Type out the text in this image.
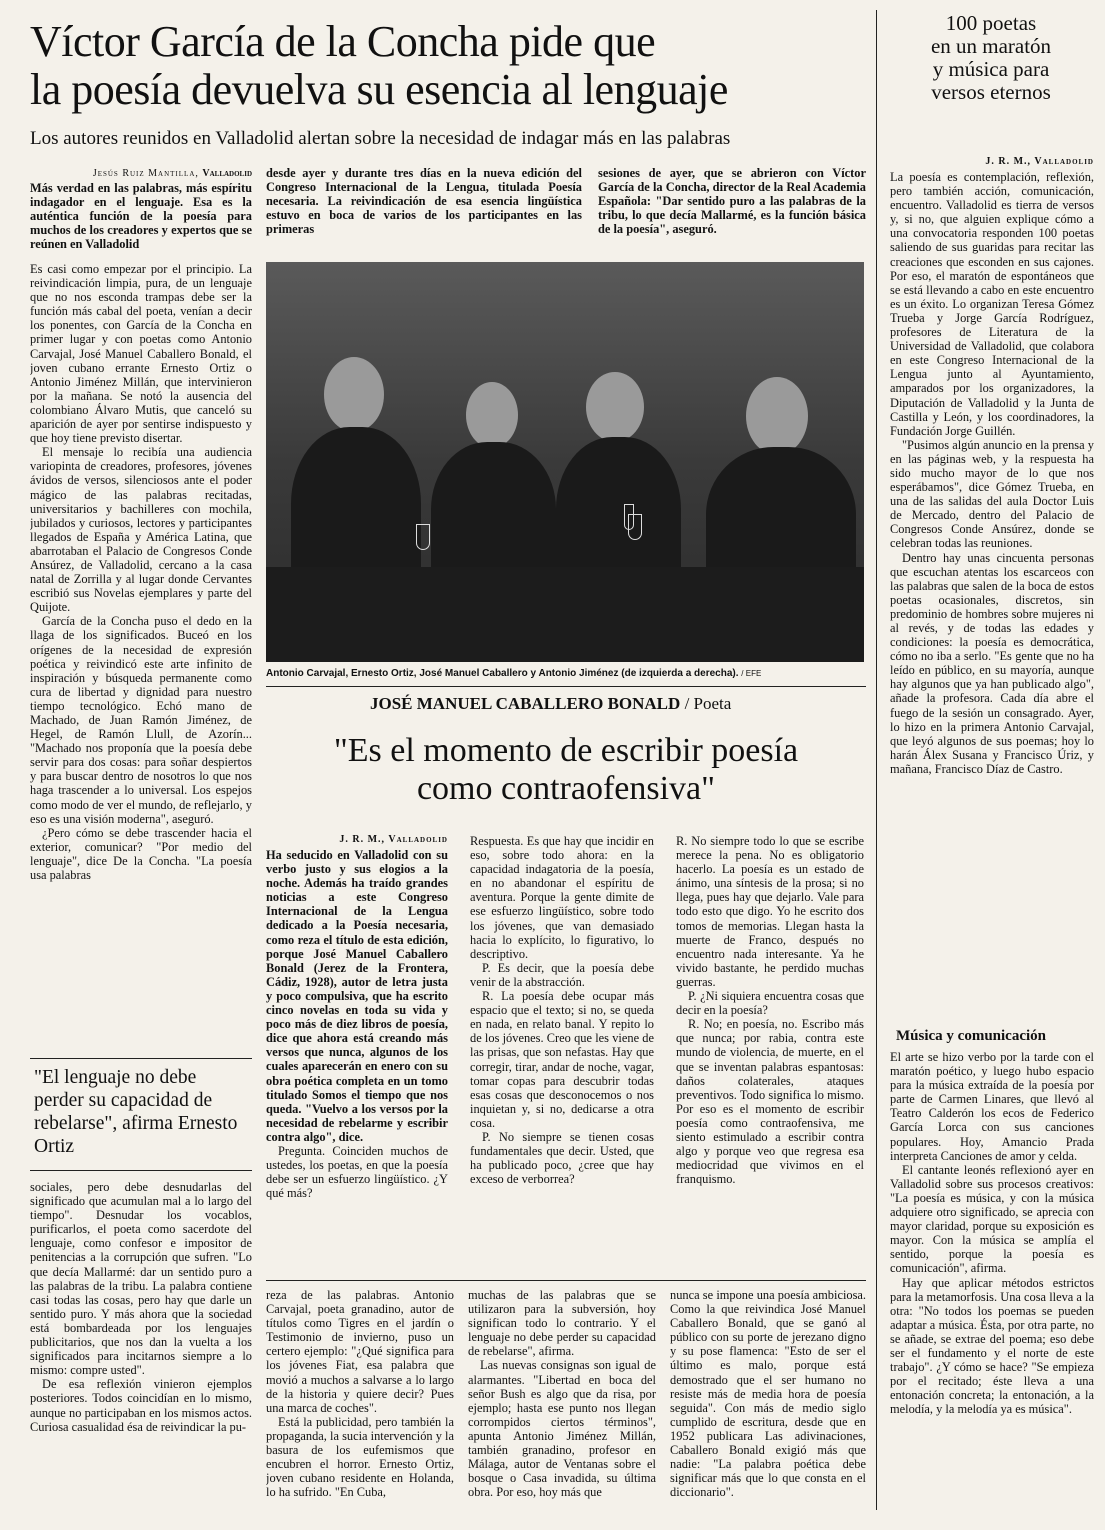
Víctor García de la Concha pide que
la poesía devuelva su esencia al lenguaje
Los autores reunidos en Valladolid alertan sobre la necesidad de indagar más en las palabras
Jesús Ruiz Mantilla, Valladolid

Más verdad en las palabras, más espíritu indagador en el lenguaje. Esa es la auténtica función de la poesía para muchos de los creadores y expertos que se reúnen en Valladolid

desde ayer y durante tres días en la nueva edición del Congreso Internacional de la Lengua, titulada Poesía necesaria. La reivindicación de esa esencia lingüística estuvo en boca de varios de los participantes en las primeras

sesiones de ayer, que se abrieron con Víctor García de la Concha, director de la Real Academia Española: "Dar sentido puro a las palabras de la tribu, lo que decía Mallarmé, es la función básica de la poesía", aseguró.

Es casi como empezar por el principio. La reivindicación limpia, pura, de un lenguaje que no nos esconda trampas debe ser la función más cabal del poeta, venían a decir los ponentes, con García de la Concha en primer lugar y con poetas como Antonio Carvajal, José Manuel Caballero Bonald, el joven cubano errante Ernesto Ortiz o Antonio Jiménez Millán, que intervinieron por la mañana. Se notó la ausencia del colombiano Álvaro Mutis, que canceló su aparición de ayer por sentirse indispuesto y que hoy tiene previsto disertar.

El mensaje lo recibía una audiencia variopinta de creadores, profesores, jóvenes ávidos de versos, silenciosos ante el poder mágico de las palabras recitadas, universitarios y bachilleres con mochila, jubilados y curiosos, lectores y participantes llegados de España y América Latina, que abarrotaban el Palacio de Congresos Conde Ansúrez, de Valladolid, cercano a la casa natal de Zorrilla y al lugar donde Cervantes escribió sus Novelas ejemplares y parte del Quijote.

García de la Concha puso el dedo en la llaga de los significados. Buceó en los orígenes de la necesidad de expresión poética y reivindicó este arte infinito de inspiración y búsqueda permanente como cura de libertad y dignidad para nuestro tiempo tecnológico. Echó mano de Machado, de Juan Ramón Jiménez, de Hegel, de Ramón Llull, de Azorín... "Machado nos proponía que la poesía debe servir para dos cosas: para soñar despiertos y para buscar dentro de nosotros lo que nos haga trascender a lo universal. Los espejos como modo de ver el mundo, de reflejarlo, y eso es una visión moderna", aseguró.

¿Pero cómo se debe trascender hacia el exterior, comunicar? "Por medio del lenguaje", dice De la Concha. "La poesía usa palabras

"El lenguaje no debe perder su capacidad de rebelarse", afirma Ernesto Ortiz

sociales, pero debe desnudarlas del significado que acumulan mal a lo largo del tiempo". Desnudar los vocablos, purificarlos, el poeta como sacerdote del lenguaje, como confesor e impositor de penitencias a la corrupción que sufren. "Lo que decía Mallarmé: dar un sentido puro a las palabras de la tribu. La palabra contiene casi todas las cosas, pero hay que darle un sentido puro. Y más ahora que la sociedad está bombardeada por los lenguajes publicitarios, que nos dan la vuelta a los significados para incitarnos siempre a lo mismo: compre usted".

De esa reflexión vinieron ejemplos posteriores. Todos coincidían en lo mismo, aunque no participaban en los mismos actos. Curiosa casualidad ésa de reivindicar la pu-

Antonio Carvajal, Ernesto Ortiz, José Manuel Caballero y Antonio Jiménez (de izquierda a derecha). / EFE
JOSÉ MANUEL CABALLERO BONALD / Poeta
"Es el momento de escribir poesía
como contraofensiva"
J. R. M., Valladolid

Ha seducido en Valladolid con su verbo justo y sus elogios a la noche. Además ha traído grandes noticias a este Congreso Internacional de la Lengua dedicado a la Poesía necesaria, como reza el título de esta edición, porque José Manuel Caballero Bonald (Jerez de la Frontera, Cádiz, 1928), autor de letra justa y poco compulsiva, que ha escrito cinco novelas en toda su vida y poco más de diez libros de poesía, dice que ahora está creando más versos que nunca, algunos de los cuales aparecerán en enero con su obra poética completa en un tomo titulado Somos el tiempo que nos queda. "Vuelvo a los versos por la necesidad de rebelarme y escribir contra algo", dice.

Pregunta. Coinciden muchos de ustedes, los poetas, en que la poesía debe ser un esfuerzo lingüístico. ¿Y qué más?

Respuesta. Es que hay que incidir en eso, sobre todo ahora: en la capacidad indagatoria de la poesía, en no abandonar el espíritu de aventura. Porque la gente dimite de ese esfuerzo lingüístico, sobre todo los jóvenes, que van demasiado hacia lo explícito, lo figurativo, lo descriptivo.

P. Es decir, que la poesía debe venir de la abstracción.

R. La poesía debe ocupar más espacio que el texto; si no, se queda en nada, en relato banal. Y repito lo de los jóvenes. Creo que les viene de las prisas, que son nefastas. Hay que corregir, tirar, andar de noche, vagar, tomar copas para descubrir todas esas cosas que desconocemos o nos inquietan y, si no, dedicarse a otra cosa.

P. No siempre se tienen cosas fundamentales que decir. Usted, que ha publicado poco, ¿cree que hay exceso de verborrea?

R. No siempre todo lo que se escribe merece la pena. No es obligatorio hacerlo. La poesía es un estado de ánimo, una síntesis de la prosa; si no llega, pues hay que dejarlo. Vale para todo esto que digo. Yo he escrito dos tomos de memorias. Llegan hasta la muerte de Franco, después no encuentro nada interesante. Ya he vivido bastante, he perdido muchas guerras.

P. ¿Ni siquiera encuentra cosas que decir en la poesía?

R. No; en poesía, no. Escribo más que nunca; por rabia, contra este mundo de violencia, de muerte, en el que se inventan palabras espantosas: daños colaterales, ataques preventivos. Todo significa lo mismo. Por eso es el momento de escribir poesía como contraofensiva, me siento estimulado a escribir contra algo y porque veo que regresa esa mediocridad que vivimos en el franquismo.

reza de las palabras. Antonio Carvajal, poeta granadino, autor de títulos como Tigres en el jardín o Testimonio de invierno, puso un certero ejemplo: "¿Qué significa para los jóvenes Fiat, esa palabra que movió a muchos a salvarse a lo largo de la historia y quiere decir? Pues una marca de coches".

Está la publicidad, pero también la propaganda, la sucia intervención y la basura de los eufemismos que encubren el horror. Ernesto Ortiz, joven cubano residente en Holanda, lo ha sufrido. "En Cuba,

muchas de las palabras que se utilizaron para la subversión, hoy significan todo lo contrario. Y el lenguaje no debe perder su capacidad de rebelarse", afirma.

Las nuevas consignas son igual de alarmantes. "Libertad en boca del señor Bush es algo que da risa, por ejemplo; hasta ese punto nos llegan corrompidos ciertos términos", apunta Antonio Jiménez Millán, también granadino, profesor en Málaga, autor de Ventanas sobre el bosque o Casa invadida, su última obra. Por eso, hoy más que

nunca se impone una poesía ambiciosa. Como la que reivindica José Manuel Caballero Bonald, que se ganó al público con su porte de jerezano digno y su pose flamenca: "Esto de ser el último es malo, porque está demostrado que el ser humano no resiste más de media hora de poesía seguida". Con más de medio siglo cumplido de escritura, desde que en 1952 publicara Las adivinaciones, Caballero Bonald exigió más que nadie: "La palabra poética debe significar más que lo que consta en el diccionario".

100 poetas
en un maratón
y música para
versos eternos
J. R. M., Valladolid

La poesía es contemplación, reflexión, pero también acción, comunicación, encuentro. Valladolid es tierra de versos y, si no, que alguien explique cómo a una convocatoria responden 100 poetas saliendo de sus guaridas para recitar las creaciones que esconden en sus cajones. Por eso, el maratón de espontáneos que se está llevando a cabo en este encuentro es un éxito. Lo organizan Teresa Gómez Trueba y Jorge García Rodríguez, profesores de Literatura de la Universidad de Valladolid, que colabora en este Congreso Internacional de la Lengua junto al Ayuntamiento, amparados por los organizadores, la Diputación de Valladolid y la Junta de Castilla y León, y los coordinadores, la Fundación Jorge Guillén.

"Pusimos algún anuncio en la prensa y en las páginas web, y la respuesta ha sido mucho mayor de lo que nos esperábamos", dice Gómez Trueba, en una de las salidas del aula Doctor Luis de Mercado, dentro del Palacio de Congresos Conde Ansúrez, donde se celebran todas las reuniones.

Dentro hay unas cincuenta personas que escuchan atentas los escarceos con las palabras que salen de la boca de estos poetas ocasionales, discretos, sin predominio de hombres sobre mujeres ni al revés, y de todas las edades y condiciones: la poesía es democrática, cómo no iba a serlo. "Es gente que no ha leído en público, en su mayoría, aunque hay algunos que ya han publicado algo", añade la profesora. Cada día abre el fuego de la sesión un consagrado. Ayer, lo hizo en la primera Antonio Carvajal, que leyó algunos de sus poemas; hoy lo harán Álex Susana y Francisco Úriz, y mañana, Francisco Díaz de Castro.

Música y comunicación

El arte se hizo verbo por la tarde con el maratón poético, y luego hubo espacio para la música extraída de la poesía por parte de Carmen Linares, que llevó al Teatro Calderón los ecos de Federico García Lorca con sus canciones populares. Hoy, Amancio Prada interpreta Canciones de amor y celda.

El cantante leonés reflexionó ayer en Valladolid sobre sus procesos creativos: "La poesía es música, y con la música adquiere otro significado, se aprecia con mayor claridad, porque su exposición es mayor. Con la música se amplía el sentido, porque la poesía es comunicación", afirma.

Hay que aplicar métodos estrictos para la metamorfosis. Una cosa lleva a la otra: "No todos los poemas se pueden adaptar a música. Ésta, por otra parte, no se añade, se extrae del poema; eso debe ser el fundamento y el norte de este trabajo". ¿Y cómo se hace? "Se empieza por el recitado; éste lleva a una entonación concreta; la entonación, a la melodía, y la melodía ya es música".
